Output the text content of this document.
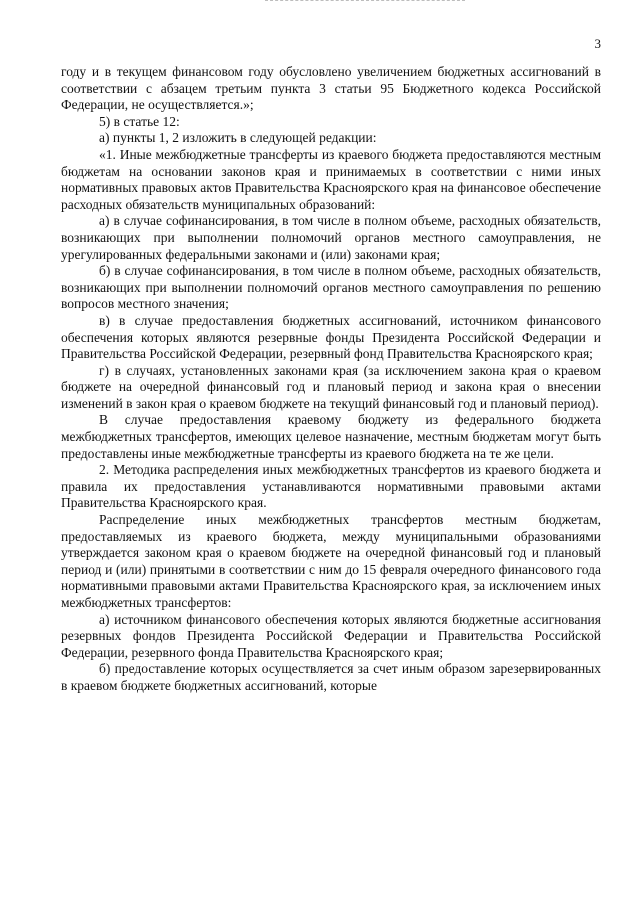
3

году и в текущем финансовом году обусловлено увеличением бюджетных ассигнований в соответствии с абзацем третьим пункта 3 статьи 95 Бюджетного кодекса Российской Федерации, не осуществляется.»;

5) в статье 12:

а) пункты 1, 2 изложить в следующей редакции:

«1. Иные межбюджетные трансферты из краевого бюджета предоставляются местным бюджетам на основании законов края и принимаемых в соответствии с ними иных нормативных правовых актов Правительства Красноярского края на финансовое обеспечение расходных обязательств муниципальных образований:

а) в случае софинансирования, в том числе в полном объеме, расходных обязательств, возникающих при выполнении полномочий органов местного самоуправления, не урегулированных федеральными законами и (или) законами края;

б) в случае софинансирования, в том числе в полном объеме, расходных обязательств, возникающих при выполнении полномочий органов местного самоуправления по решению вопросов местного значения;

в) в случае предоставления бюджетных ассигнований, источником финансового обеспечения которых являются резервные фонды Президента Российской Федерации и Правительства Российской Федерации, резервный фонд Правительства Красноярского края;

г) в случаях, установленных законами края (за исключением закона края о краевом бюджете на очередной финансовый год и плановый период и закона края о внесении изменений в закон края о краевом бюджете на текущий финансовый год и плановый период).

В случае предоставления краевому бюджету из федерального бюджета межбюджетных трансфертов, имеющих целевое назначение, местным бюджетам могут быть предоставлены иные межбюджетные трансферты из краевого бюджета на те же цели.

2. Методика распределения иных межбюджетных трансфертов из краевого бюджета и правила их предоставления устанавливаются нормативными правовыми актами Правительства Красноярского края.

Распределение иных межбюджетных трансфертов местным бюджетам, предоставляемых из краевого бюджета, между муниципальными образованиями утверждается законом края о краевом бюджете на очередной финансовый год и плановый период и (или) принятыми в соответствии с ним до 15 февраля очередного финансового года нормативными правовыми актами Правительства Красноярского края, за исключением иных межбюджетных трансфертов:

а) источником финансового обеспечения которых являются бюджетные ассигнования резервных фондов Президента Российской Федерации и Правительства Российской Федерации, резервного фонда Правительства Красноярского края;

б) предоставление которых осуществляется за счет иным образом зарезервированных в краевом бюджете бюджетных ассигнований, которые
